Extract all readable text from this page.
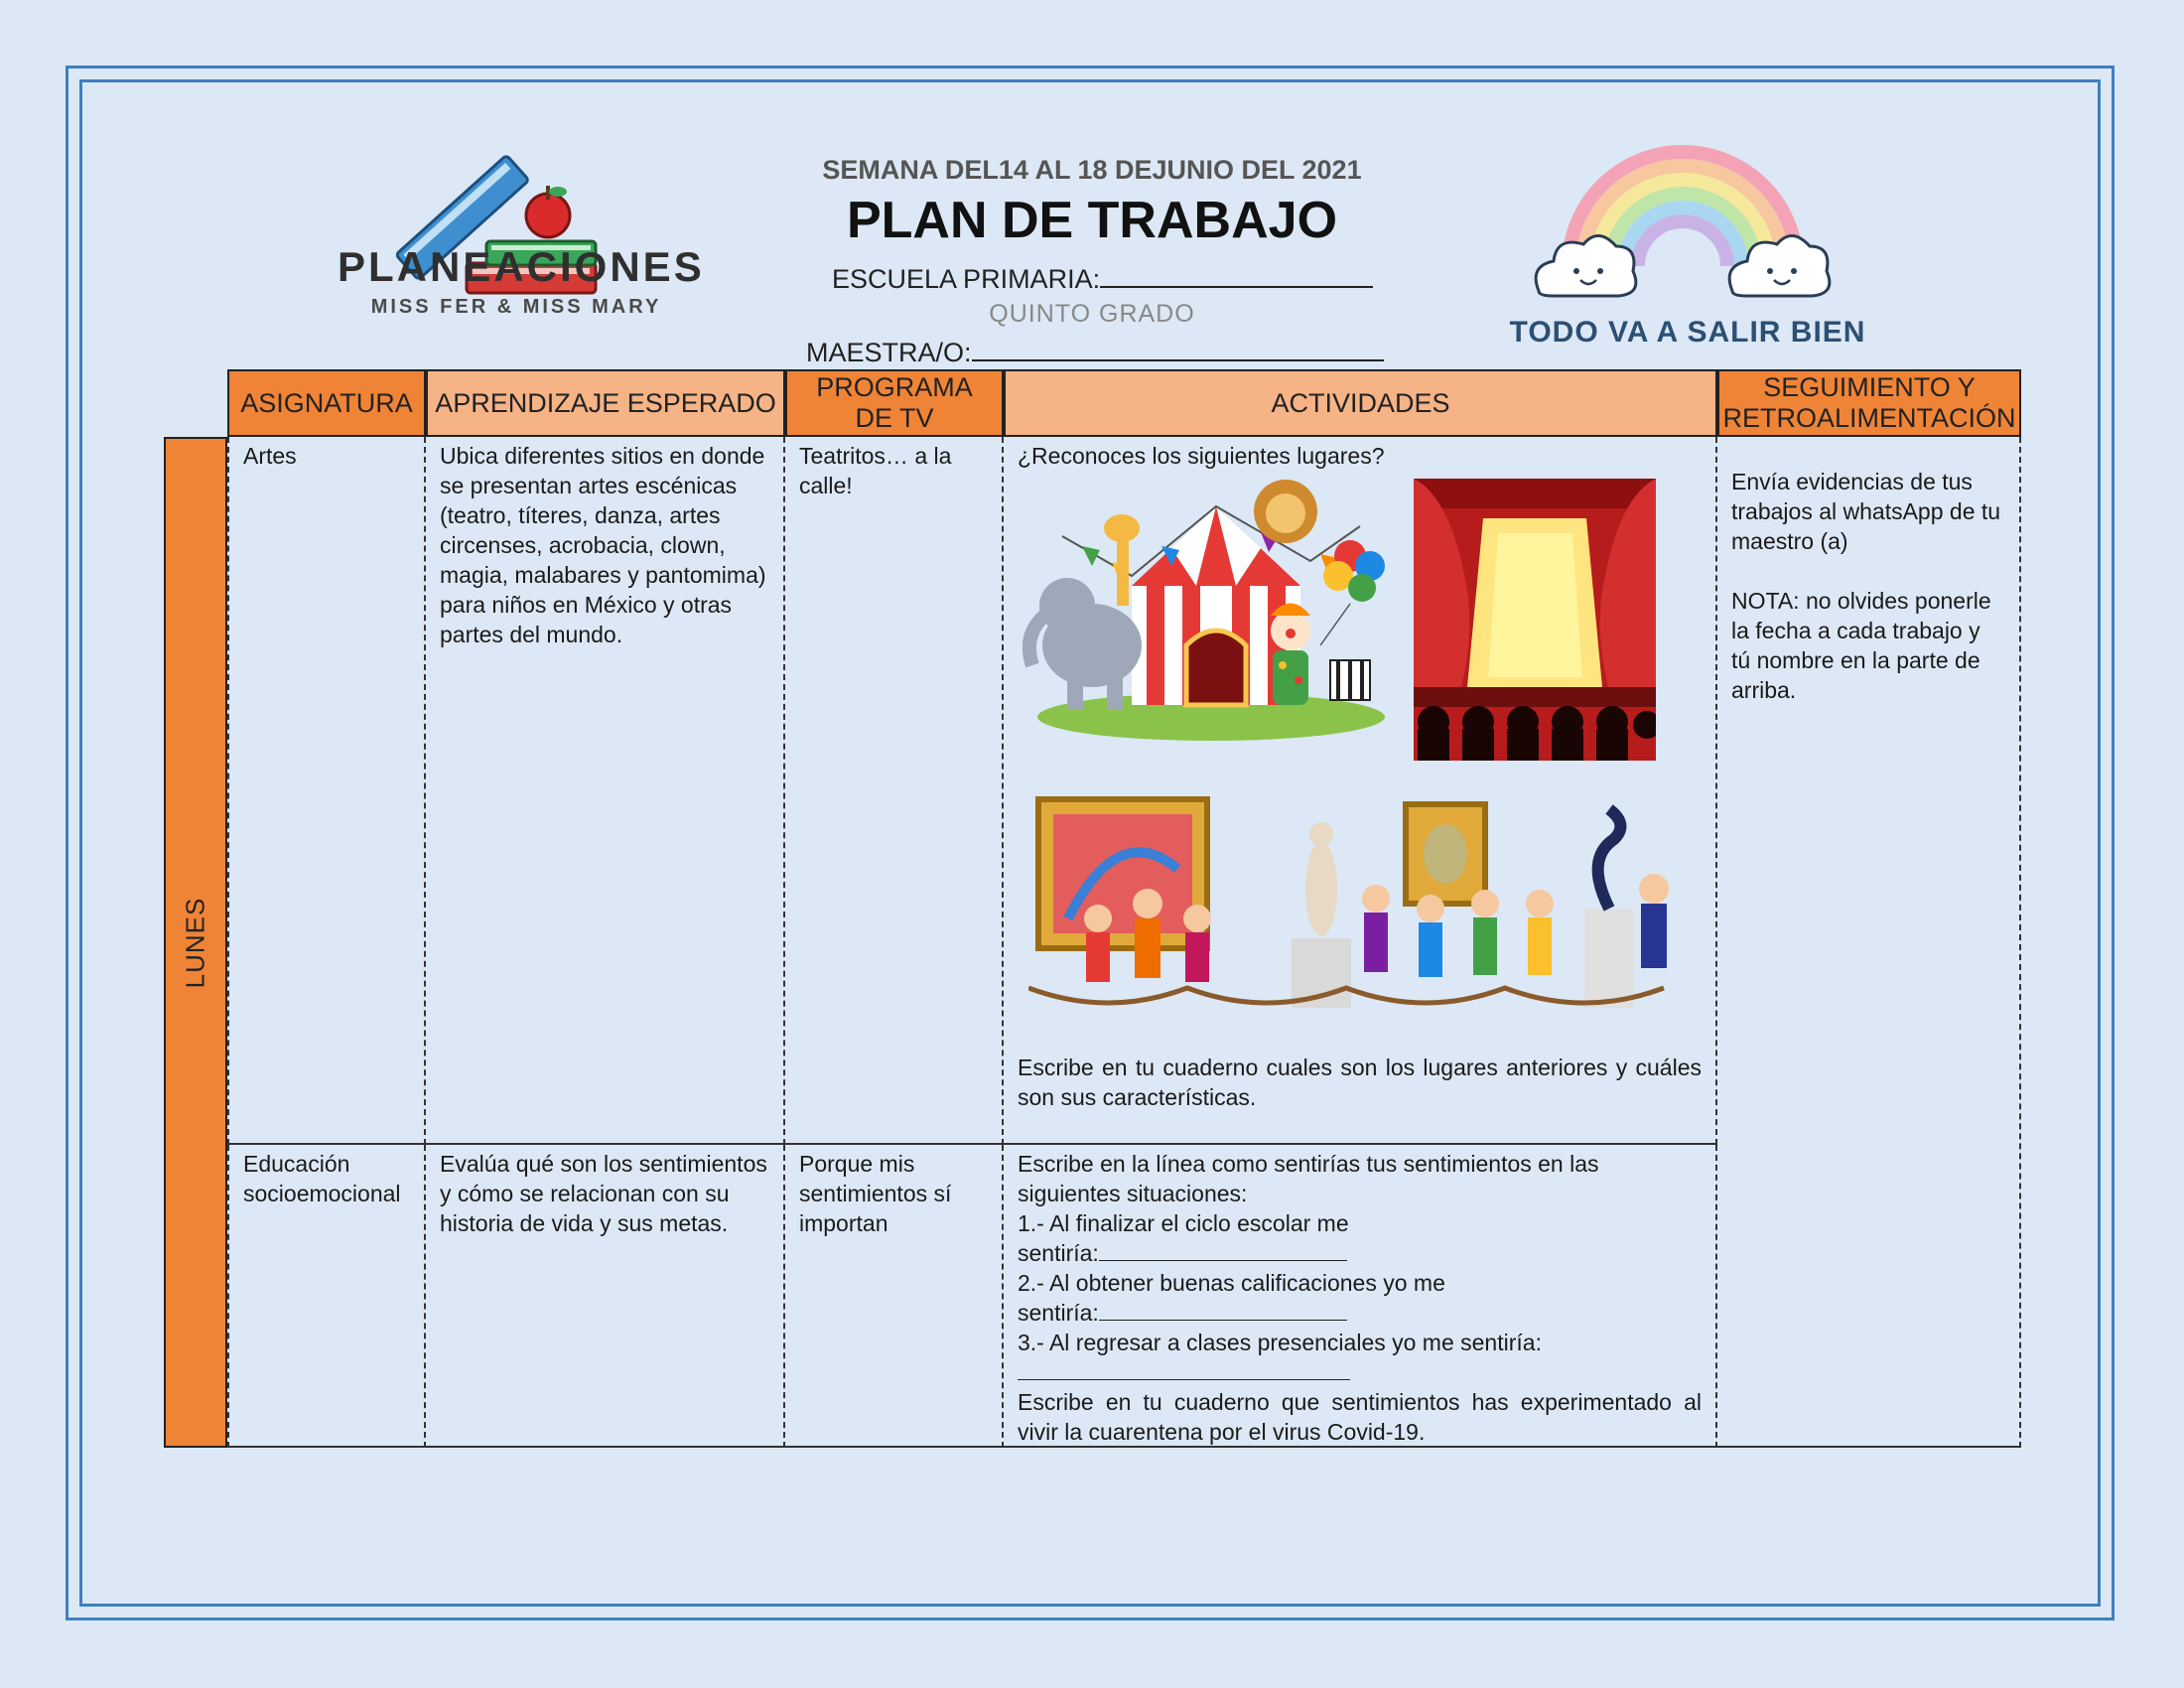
PLANEACIONES
MISS FER & MISS MARY
SEMANA DEL14 AL 18 DEJUNIO DEL 2021
PLAN DE TRABAJO
ESCUELA PRIMARIA:
QUINTO GRADO
MAESTRA/O:
TODO VA A SALIR BIEN
LUNES
ASIGNATURA APRENDIZAJE ESPERADO
PROGRAMA
DE TV
ACTIVIDADES
SEGUIMIENTO Y
RETROALIMENTACIÓN
Artes	Ubica diferentes sitios en donde se presentan artes escénicas (teatro, títeres, danza, artes circenses, acrobacia, clown, magia, malabares y pantomima) para niños en México y otras partes del mundo.
Teatritos… a la calle!
¿Reconoces los siguientes lugares?
Escribe en tu cuaderno cuales son los lugares anteriores y cuáles son sus características.
Educación
socioemocional
Evalúa qué son los sentimientos y cómo se relacionan con su historia de vida y sus metas.
Porque mis sentimientos sí importan
Escribe en la línea como sentirías tus sentimientos en las siguientes situaciones:
1.- Al finalizar el ciclo escolar me
sentiría:
2.- Al obtener buenas calificaciones yo me
sentiría:
3.- Al regresar a clases presenciales yo me sentiría:
Escribe en tu cuaderno que sentimientos has experimentado al vivir la cuarentena por el virus Covid-19.
Envía evidencias de tus trabajos al whatsApp de tu maestro (a)
NOTA: no olvides ponerle la fecha a cada trabajo y tú nombre en la parte de arriba.
